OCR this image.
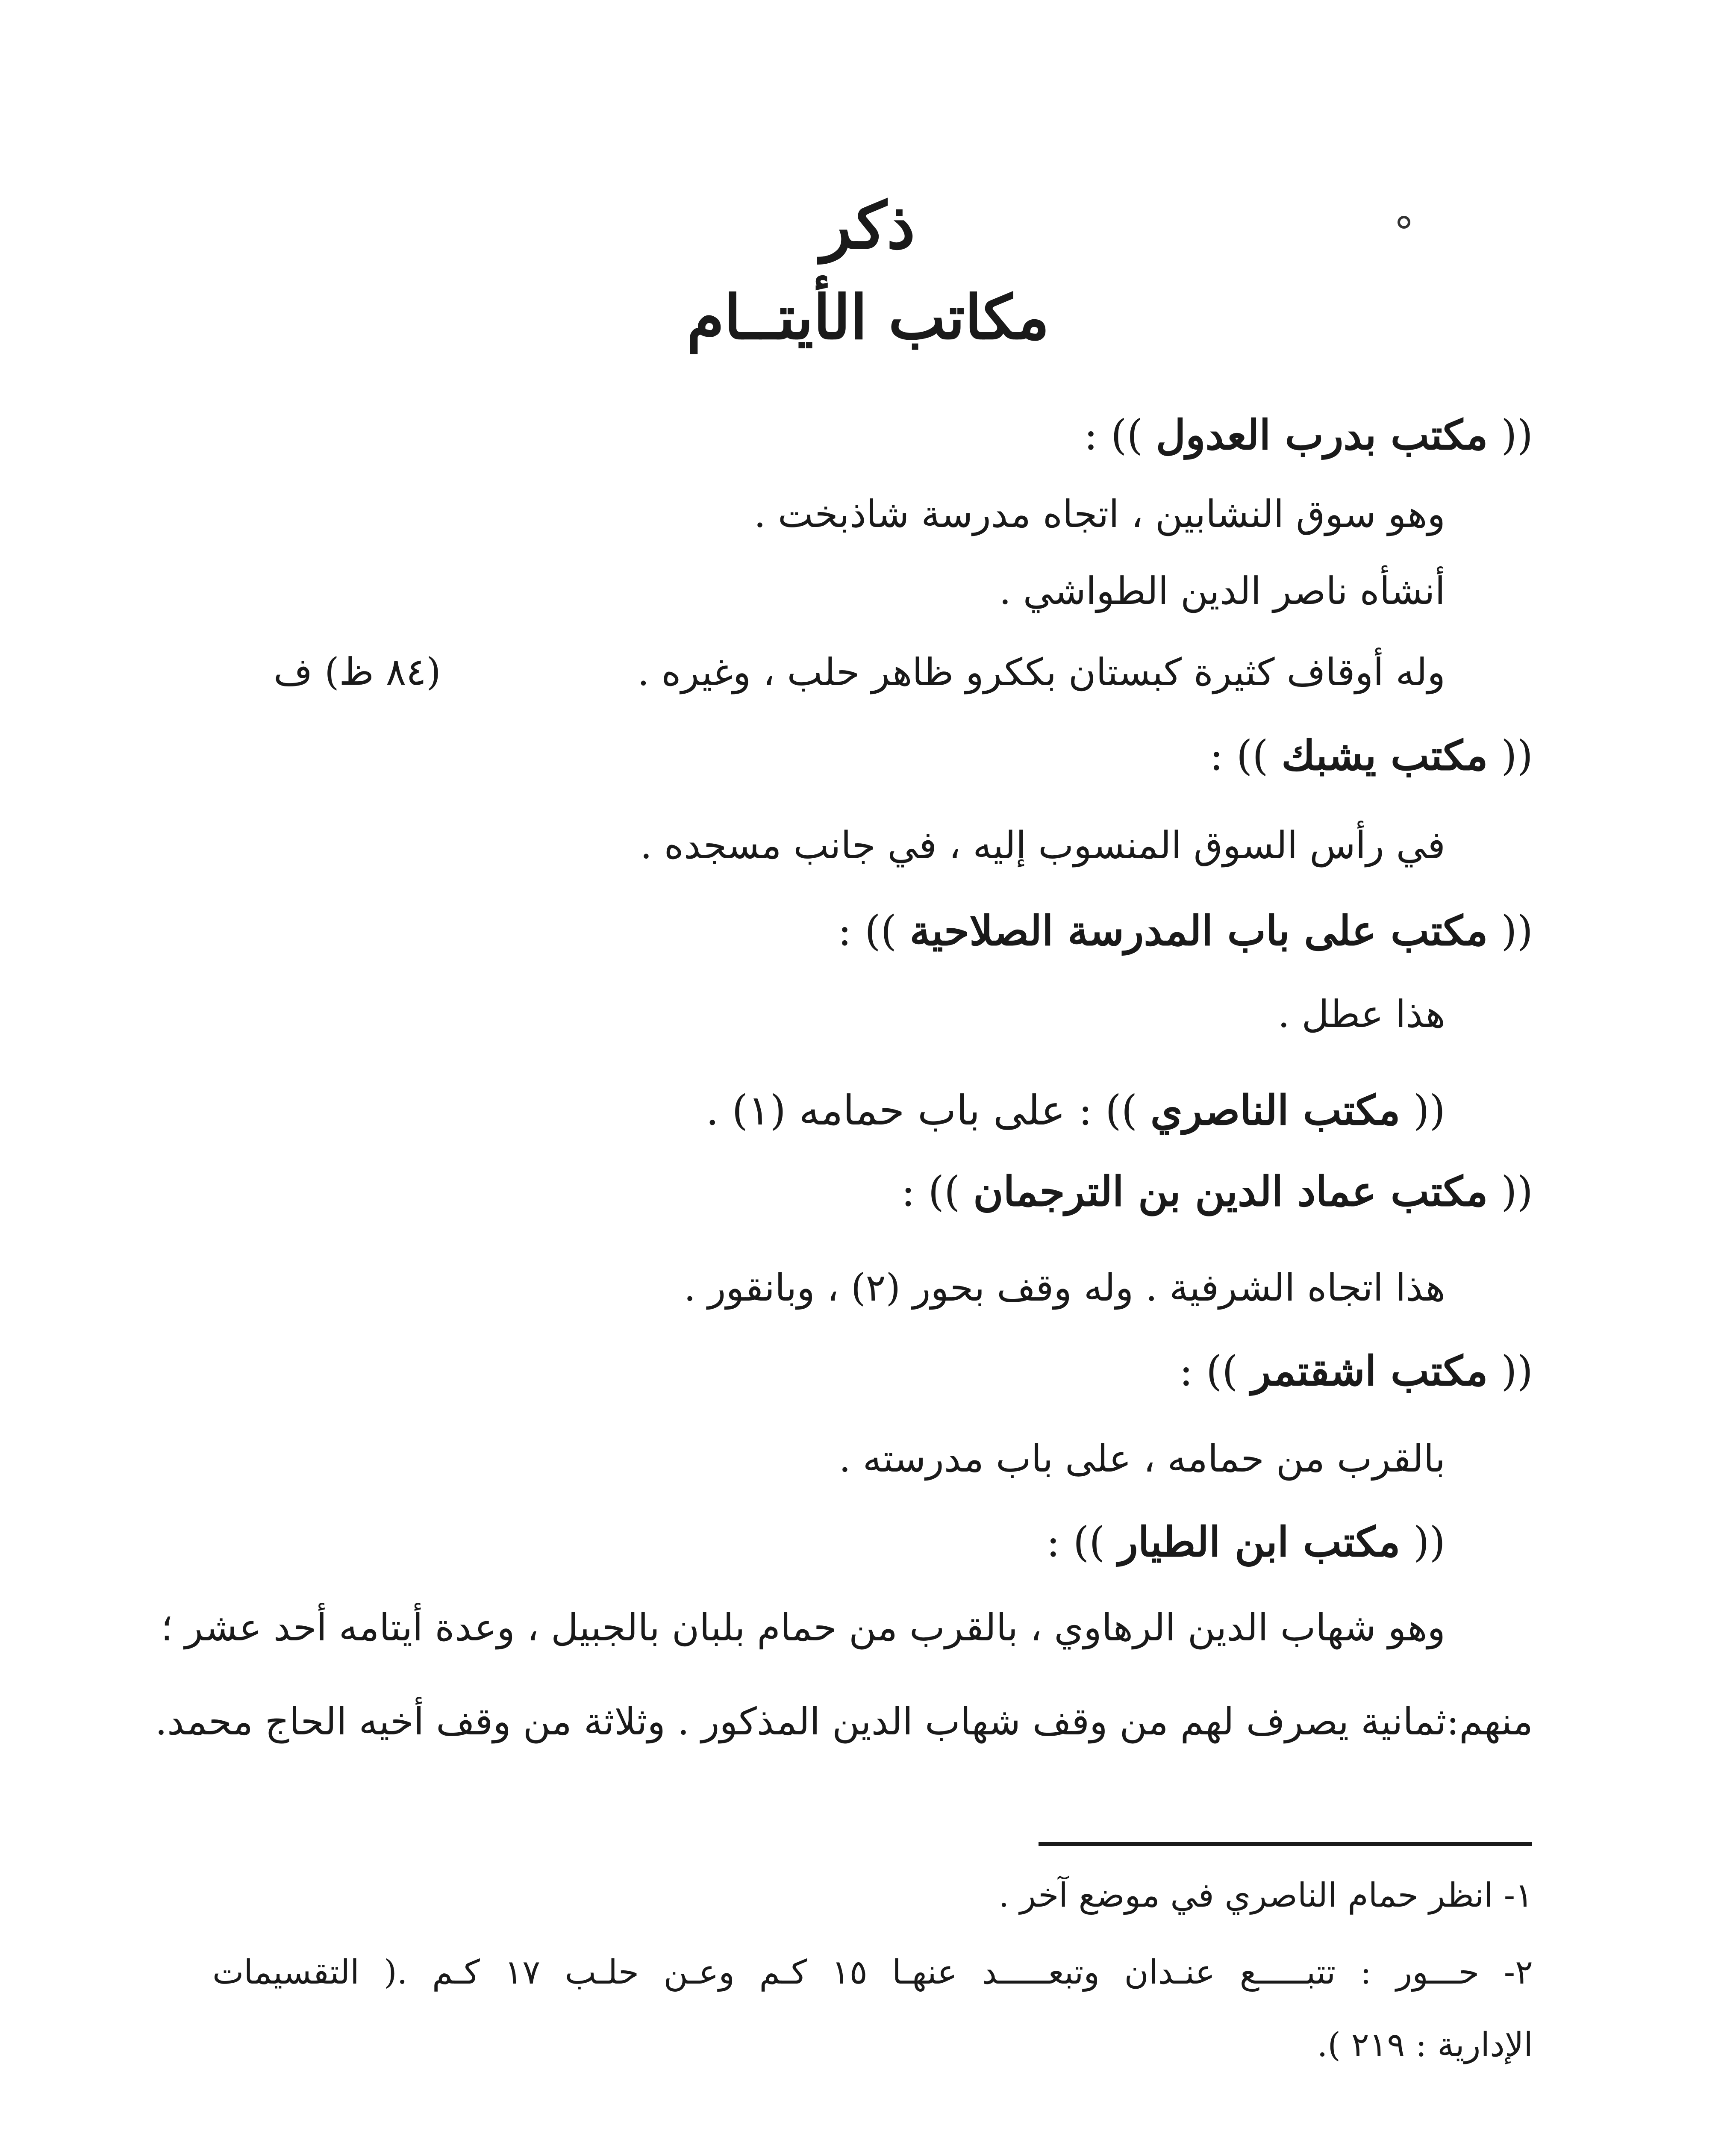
ذكر
مكاتب الأيتــام
(( مكتب بدرب العدول )) :
وهو سوق النشابين ، اتجاه مدرسة شاذبخت .
أنشأه ناصر الدين الطواشي .
وله أوقاف كثيرة كبستان بككرو ظاهر حلب ، وغيره .
(٨٤ ظ) ف
(( مكتب يشبك )) :
في رأس السوق المنسوب إليه ، في جانب مسجده .
(( مكتب على باب المدرسة الصلاحية )) :
هذا عطل .
(( مكتب الناصري )) : على باب حمامه (١) .
(( مكتب عماد الدين بن الترجمان )) :
هذا اتجاه الشرفية . وله وقف بحور (٢) ، وبانقور .
(( مكتب اشقتمر )) :
بالقرب من حمامه ، على باب مدرسته .
(( مكتب ابن الطيار )) :
وهو شهاب الدين الرهاوي ، بالقرب من حمام بلبان بالجبيل ، وعدة أيتامه أحد عشر ؛
منهم:ثمانية يصرف لهم من وقف شهاب الدين المذكور . وثلاثة من وقف أخيه الحاج محمد.
١- انظر حمام الناصري في موضع آخر .
٢- حـــور : تتبـــــع عنـدان وتبعـــــد عنهـا ١٥ كـم وعـن حلـب ١٧ كـم .( التقسيمات
الإدارية : ٢١٩ ).
